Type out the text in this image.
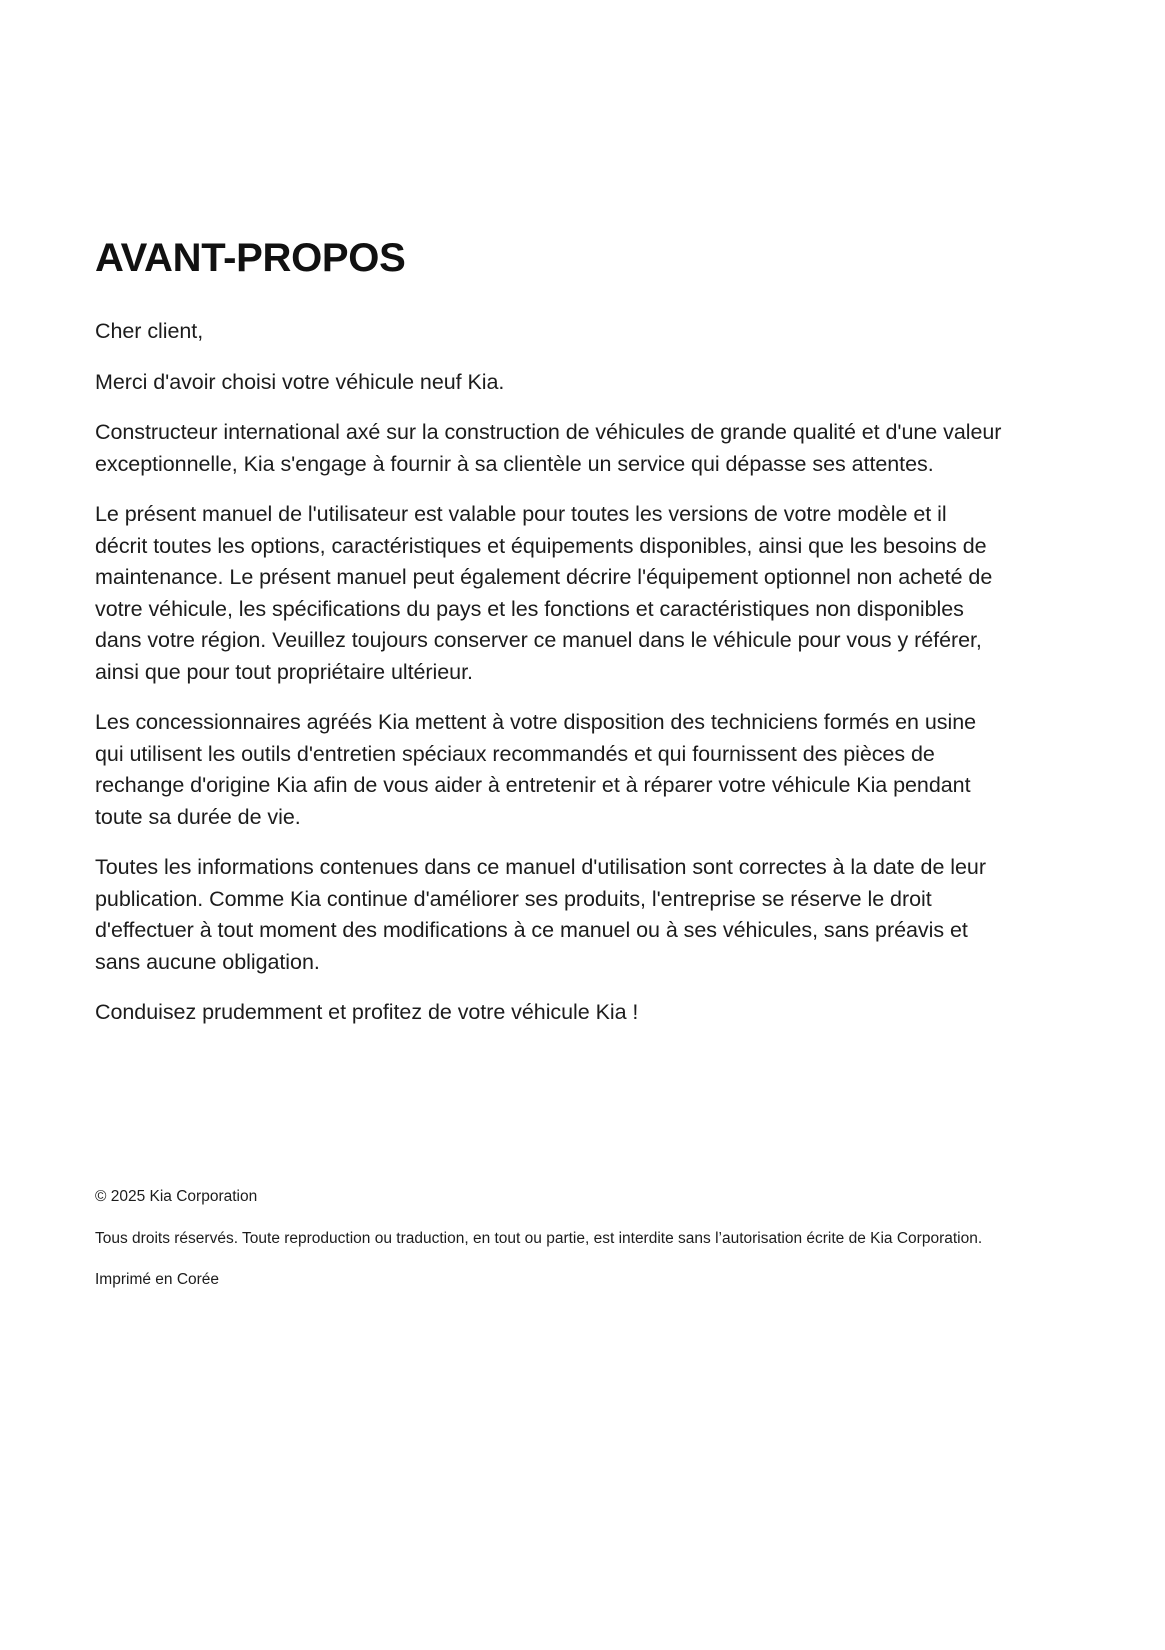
AVANT-PROPOS

Cher client,

Merci d'avoir choisi votre véhicule neuf Kia.

Constructeur international axé sur la construction de véhicules de grande qualité et d'une valeur exceptionnelle, Kia s'engage à fournir à sa clientèle un service qui dépasse ses attentes.

Le présent manuel de l'utilisateur est valable pour toutes les versions de votre modèle et il décrit toutes les options, caractéristiques et équipements disponibles, ainsi que les besoins de maintenance. Le présent manuel peut également décrire l'équipement optionnel non acheté de votre véhicule, les spécifications du pays et les fonctions et caractéristiques non disponibles dans votre région. Veuillez toujours conserver ce manuel dans le véhicule pour vous y référer, ainsi que pour tout propriétaire ultérieur.

Les concessionnaires agréés Kia mettent à votre disposition des techniciens formés en usine qui utilisent les outils d'entretien spéciaux recommandés et qui fournissent des pièces de rechange d'origine Kia afin de vous aider à entretenir et à réparer votre véhicule Kia pendant toute sa durée de vie.

Toutes les informations contenues dans ce manuel d'utilisation sont correctes à la date de leur publication. Comme Kia continue d'améliorer ses produits, l'entreprise se réserve le droit d'effectuer à tout moment des modifications à ce manuel ou à ses véhicules, sans préavis et sans aucune obligation.

Conduisez prudemment et profitez de votre véhicule Kia !

© 2025 Kia Corporation

Tous droits réservés. Toute reproduction ou traduction, en tout ou partie, est interdite sans l’autorisation écrite de Kia Corporation.

Imprimé en Corée
